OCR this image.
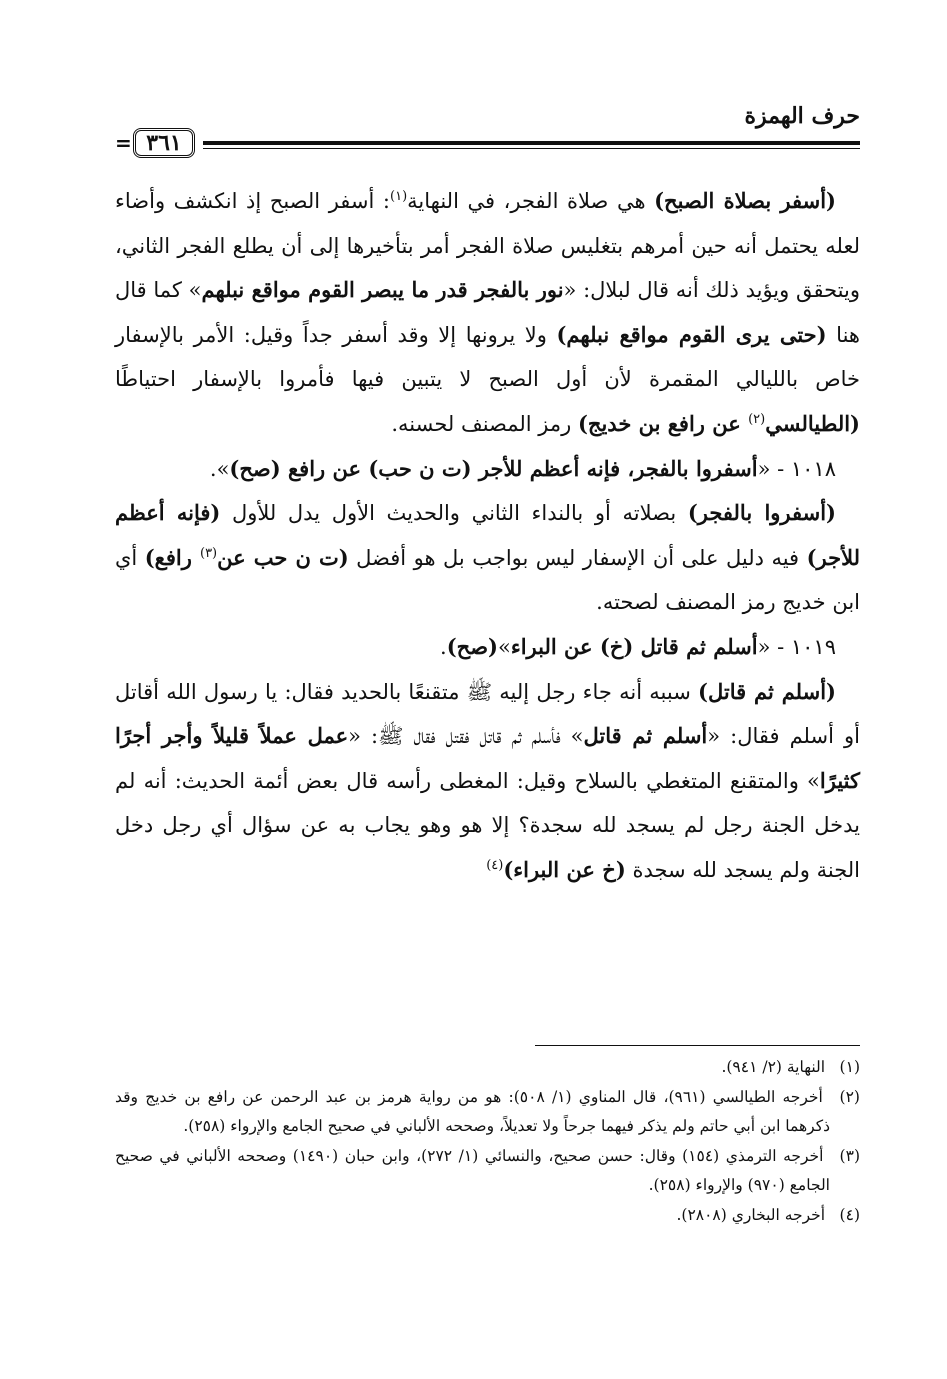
حرف الهمزة
٣٦١
=

(أسفر بصلاة الصبح) هي صلاة الفجر، في النهاية$^{(١)}$: أسفر الصبح إذ انكشف وأضاء لعله يحتمل أنه حين أمرهم بتغليس صلاة الفجر أمر بتأخيرها إلى أن يطلع الفجر الثاني، ويتحقق ويؤيد ذلك أنه قال لبلال: «نور بالفجر قدر ما يبصر القوم مواقع نبلهم» كما قال هنا (حتى يرى القوم مواقع نبلهم) ولا يرونها إلا وقد أسفر جداً وقيل: الأمر بالإسفار خاص بالليالي المقمرة لأن أول الصبح لا يتبين فيها فأمروا بالإسفار احتياطًا (الطيالسي$^{(٢)}$ عن رافع بن خديج) رمز المصنف لحسنه.

١٠١٨ - «أسفروا بالفجر، فإنه أعظم للأجر (ت ن حب) عن رافع (صح)».

(أسفروا بالفجر) بصلاته أو بالنداء الثاني والحديث الأول يدل للأول (فإنه أعظم للأجر) فيه دليل على أن الإسفار ليس بواجب بل هو أفضل (ت ن حب عن$^{(٣)}$ رافع) أي ابن خديج رمز المصنف لصحته.

١٠١٩ - «أسلم ثم قاتل (خ) عن البراء»(صح).

(أسلم ثم قاتل) سببه أنه جاء رجل إليه ﷺ متقنعًا بالحديد فقال: يا رسول الله أقاتل أو أسلم فقال: «أسلم ثم قاتل» فأسلم ثم قاتل فقتل فقال ﷺ: «عمل عملاً قليلاً وأجر أجرًا كثيرًا» والمتقنع المتغطي بالسلاح وقيل: المغطى رأسه قال بعض أئمة الحديث: أنه لم يدخل الجنة رجل لم يسجد لله سجدة؟ إلا هو وهو يجاب به عن سؤال أي رجل دخل الجنة ولم يسجد لله سجدة (خ عن البراء)$^{(٤)}$

(١) النهاية (٢/ ٩٤١).

(٢) أخرجه الطيالسي (٩٦١)، قال المناوي (١/ ٥٠٨): هو من رواية هرمز بن عبد الرحمن عن رافع بن خديج وقد ذكرهما ابن أبي حاتم ولم يذكر فيهما جرحاً ولا تعديلاً، وصححه الألباني في صحيح الجامع والإرواء (٢٥٨).

(٣) أخرجه الترمذي (١٥٤) وقال: حسن صحيح، والنسائي (١/ ٢٧٢)، وابن حبان (١٤٩٠) وصححه الألباني في صحيح الجامع (٩٧٠) والإرواء (٢٥٨).

(٤) أخرجه البخاري (٢٨٠٨).
